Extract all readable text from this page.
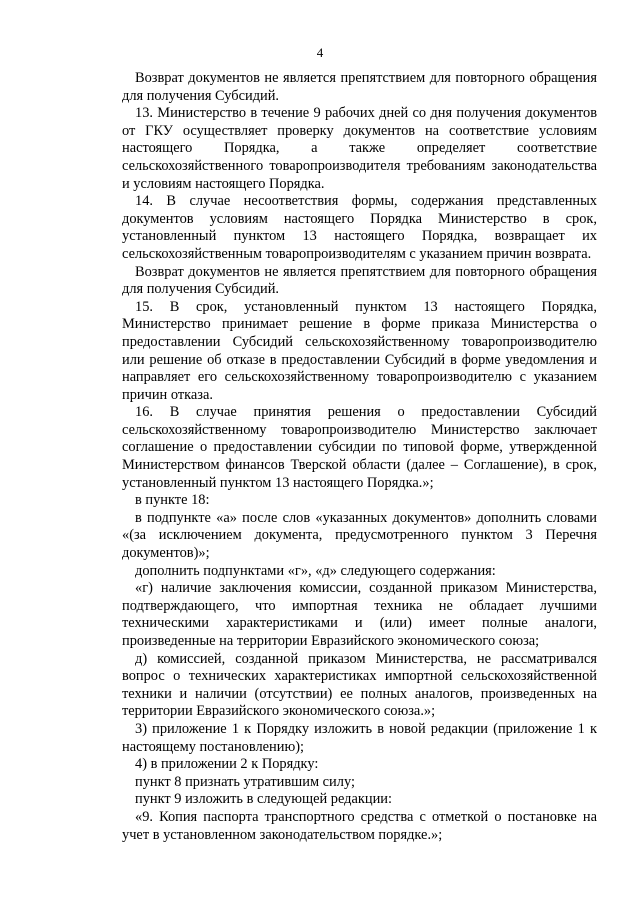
4

Возврат документов не является препятствием для повторного обращения для получения Субсидий.

13. Министерство в течение 9 рабочих дней со дня получения документов от ГКУ осуществляет проверку документов на соответствие условиям настоящего Порядка, а также определяет соответствие сельскохозяйственного товаропроизводителя требованиям законодательства и условиям настоящего Порядка.

14. В случае несоответствия формы, содержания представленных документов условиям настоящего Порядка Министерство в срок, установленный пунктом 13 настоящего Порядка, возвращает их сельскохозяйственным товаропроизводителям с указанием причин возврата.

Возврат документов не является препятствием для повторного обращения для получения Субсидий.

15. В срок, установленный пунктом 13 настоящего Порядка, Министерство принимает решение в форме приказа Министерства о предоставлении Субсидий сельскохозяйственному товаропроизводителю или решение об отказе в предоставлении Субсидий в форме уведомления и направляет его сельскохозяйственному товаропроизводителю с указанием причин отказа.

16. В случае принятия решения о предоставлении Субсидий сельскохозяйственному товаропроизводителю Министерство заключает соглашение о предоставлении субсидии по типовой форме, утвержденной Министерством финансов Тверской области (далее – Соглашение), в срок, установленный пунктом 13 настоящего Порядка.»;

в пункте 18:

в подпункте «а» после слов «указанных документов» дополнить словами «(за исключением документа, предусмотренного пунктом 3 Перечня документов)»;

дополнить подпунктами «г», «д» следующего содержания:

«г) наличие заключения комиссии, созданной приказом Министерства, подтверждающего, что импортная техника не обладает лучшими техническими характеристиками и (или) имеет полные аналоги, произведенные на территории Евразийского экономического союза;

д) комиссией, созданной приказом Министерства, не рассматривался вопрос о технических характеристиках импортной сельскохозяйственной техники и наличии (отсутствии) ее полных аналогов, произведенных на территории Евразийского экономического союза.»;

3) приложение 1 к Порядку изложить в новой редакции (приложение 1 к настоящему постановлению);

4) в приложении 2 к Порядку:

пункт 8 признать утратившим силу;

пункт 9 изложить в следующей редакции:

«9. Копия паспорта транспортного средства с отметкой о постановке на учет в установленном законодательством порядке.»;
